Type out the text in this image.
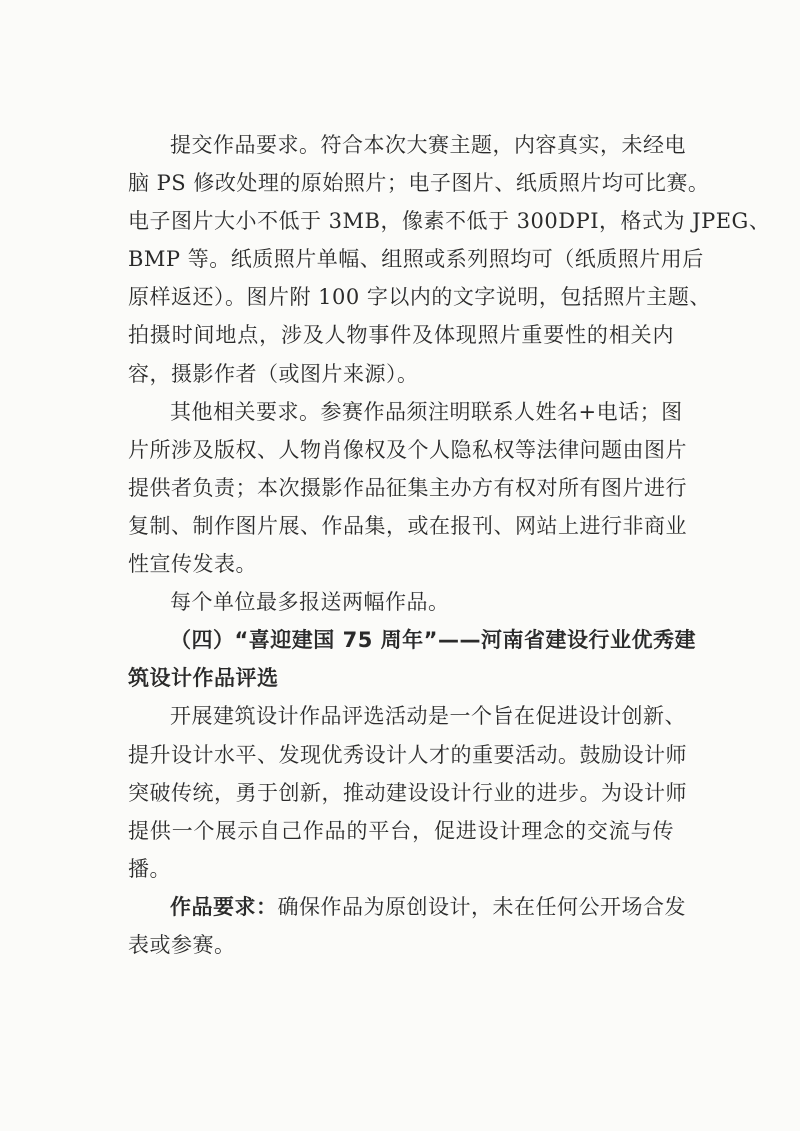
提交作品要求。符合本次大赛主题，内容真实，未经电
脑 PS 修改处理的原始照片；电子图片、纸质照片均可比赛。
电子图片大小不低于 3MB，像素不低于 300DPI，格式为 JPEG、
BMP 等。纸质照片单幅、组照或系列照均可（纸质照片用后
原样返还）。图片附 100 字以内的文字说明，包括照片主题、
拍摄时间地点，涉及人物事件及体现照片重要性的相关内
容，摄影作者（或图片来源）。
其他相关要求。参赛作品须注明联系人姓名+电话；图
片所涉及版权、人物肖像权及个人隐私权等法律问题由图片
提供者负责；本次摄影作品征集主办方有权对所有图片进行
复制、制作图片展、作品集，或在报刊、网站上进行非商业
性宣传发表。
每个单位最多报送两幅作品。
（四）“喜迎建国 75 周年”——河南省建设行业优秀建
筑设计作品评选
开展建筑设计作品评选活动是一个旨在促进设计创新、
提升设计水平、发现优秀设计人才的重要活动。鼓励设计师
突破传统，勇于创新，推动建设设计行业的进步。为设计师
提供一个展示自己作品的平台，促进设计理念的交流与传
播。
作品要求：确保作品为原创设计，未在任何公开场合发
表或参赛。
